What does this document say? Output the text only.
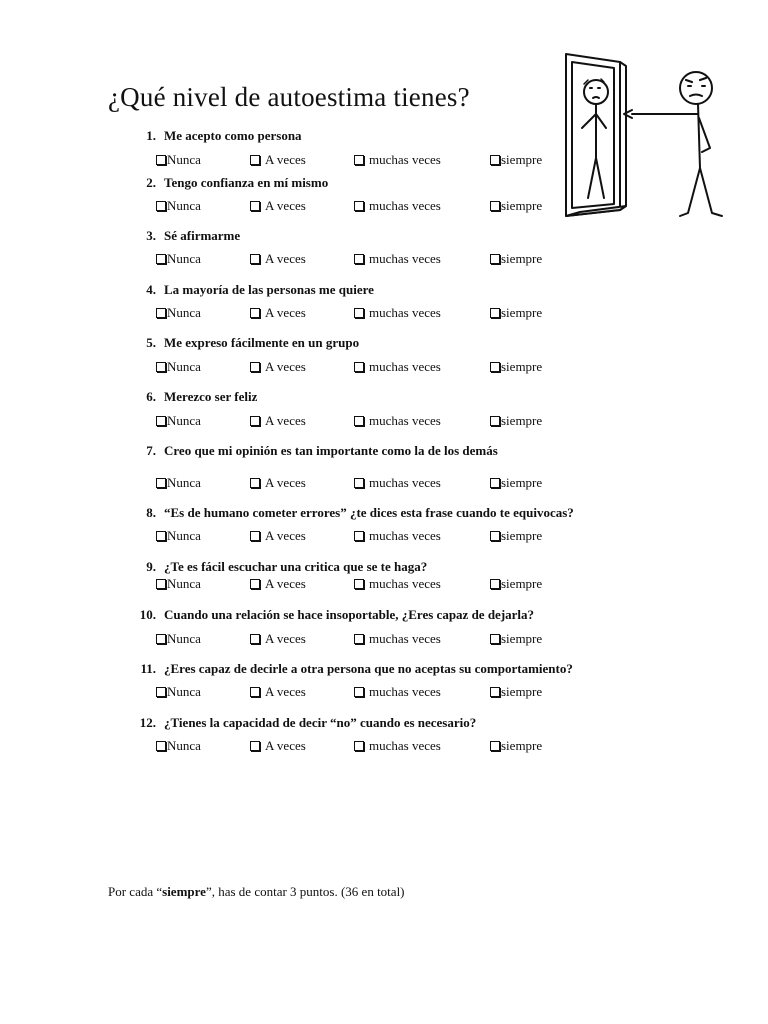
¿Qué nivel de autoestima tienes?
1. Me acepto como persona
Nunca	A veces	muchas veces	siempre
2. Tengo confianza en mí mismo
Nunca	A veces	muchas veces	siempre
3. Sé afirmarme
Nunca	A veces	muchas veces	siempre
4. La mayoría de las personas me quiere
Nunca	A veces	muchas veces	siempre
5. Me expreso fácilmente en un grupo
Nunca	A veces	muchas veces	siempre
6. Merezco ser feliz
Nunca	A veces	muchas veces	siempre
7. Creo que mi opinión es tan importante como la de los demás
Nunca	A veces	muchas veces	siempre
8. “Es de humano cometer errores” ¿te dices esta frase cuando te equivocas?
Nunca	A veces	muchas veces	siempre
9. ¿Te es fácil escuchar una critica que se te haga?
Nunca	A veces	muchas veces	siempre
10. Cuando una relación se hace insoportable, ¿Eres capaz de dejarla?
Nunca	A veces	muchas veces	siempre
11. ¿Eres capaz de decirle a otra persona que no aceptas su comportamiento?
Nunca	A veces	muchas veces	siempre
12. ¿Tienes la capacidad de decir “no” cuando es necesario?
Nunca	A veces	muchas veces	siempre
Por cada “siempre”, has de contar 3 puntos. (36 en total)
